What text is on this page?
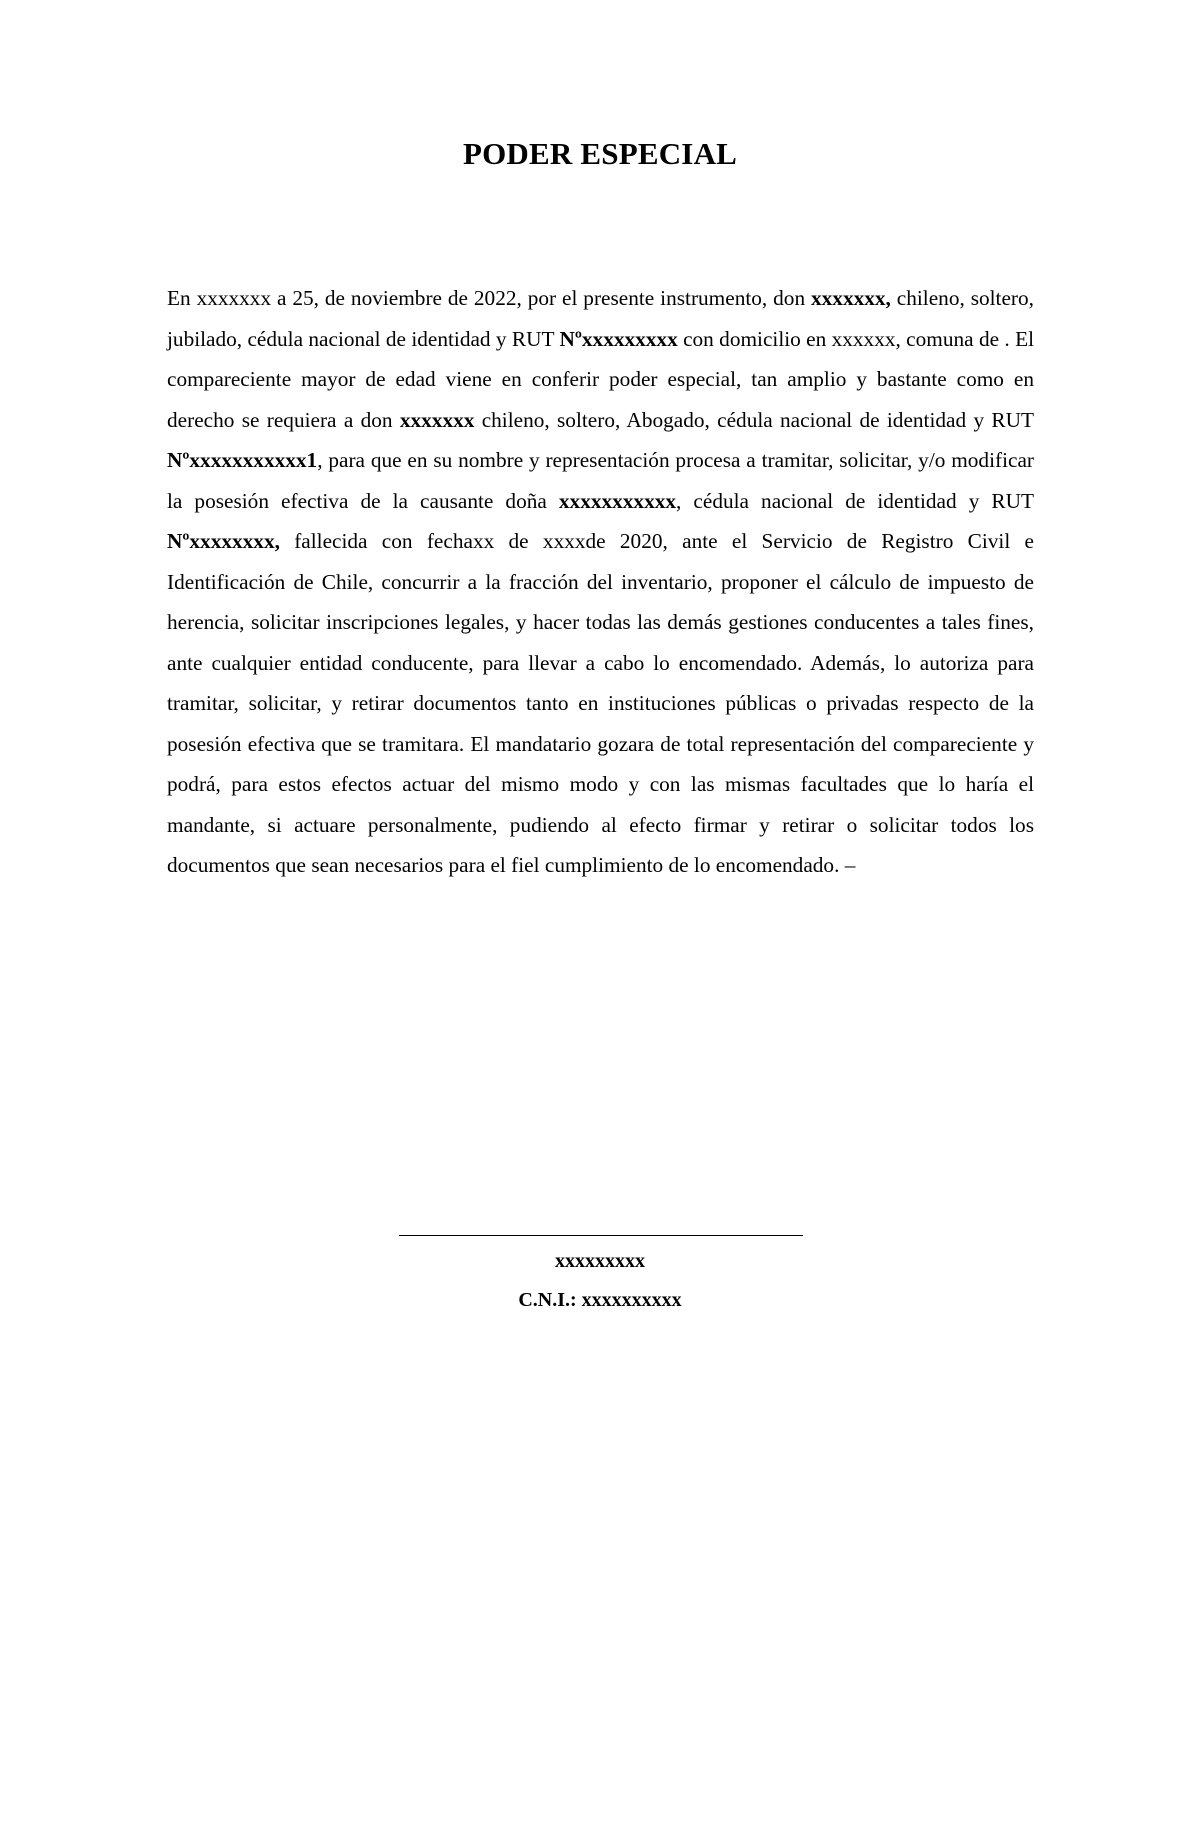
PODER ESPECIAL

En xxxxxxx a 25, de noviembre de 2022, por el presente instrumento, don xxxxxxx, chileno, soltero, jubilado, cédula nacional de identidad y RUT Nºxxxxxxxxx con domicilio en xxxxxx, comuna de . El compareciente mayor de edad viene en conferir poder especial, tan amplio y bastante como en derecho se requiera a don xxxxxxx chileno, soltero, Abogado, cédula nacional de identidad y RUT Nºxxxxxxxxxxx1, para que en su nombre y representación procesa a tramitar, solicitar, y/o modificar la posesión efectiva de la causante doña xxxxxxxxxxx, cédula nacional de identidad y RUT Nºxxxxxxxx, fallecida con fechaxx de xxxxde 2020, ante el Servicio de Registro Civil e Identificación de Chile, concurrir a la fracción del inventario, proponer el cálculo de impuesto de herencia, solicitar inscripciones legales, y hacer todas las demás gestiones conducentes a tales fines, ante cualquier entidad conducente, para llevar a cabo lo encomendado. Además, lo autoriza para tramitar, solicitar, y retirar documentos tanto en instituciones públicas o privadas respecto de la posesión efectiva que se tramitara. El mandatario gozara de total representación del compareciente y podrá, para estos efectos actuar del mismo modo y con las mismas facultades que lo haría el mandante, si actuare personalmente, pudiendo al efecto firmar y retirar o solicitar todos los documentos que sean necesarios para el fiel cumplimiento de lo encomendado. –

xxxxxxxxx
C.N.I.: xxxxxxxxxx
